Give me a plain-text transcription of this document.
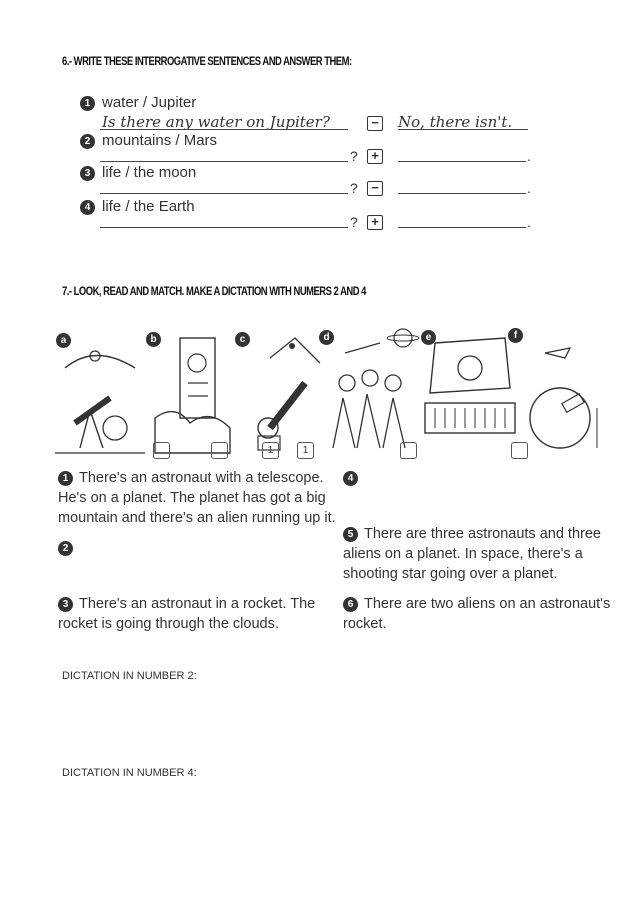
6.- WRITE THESE INTERROGATIVE SENTENCES AND ANSWER THEM:
1 water / Jupiter
Is there any water on Jupiter?	− No, there isn't.
2 mountains / Mars
?	+	.
3 life / the moon
?	−	.
4 life / the Earth
?	+	.
7.- LOOK, READ AND MATCH. MAKE A DICTATION WITH NUMERS 2 AND 4
a	b	c	d	e	f
1	1
1 There's an astronaut with a telescope. He's on a planet. The planet has got a big mountain and there's an alien running up it.
2
3 There's an astronaut in a rocket. The rocket is going through the clouds.
4
5 There are three astronauts and three aliens on a planet. In space, there's a shooting star going over a planet.
6 There are two aliens on an astronaut's rocket.
DICTATION IN NUMBER 2:
DICTATION IN NUMBER 4:
